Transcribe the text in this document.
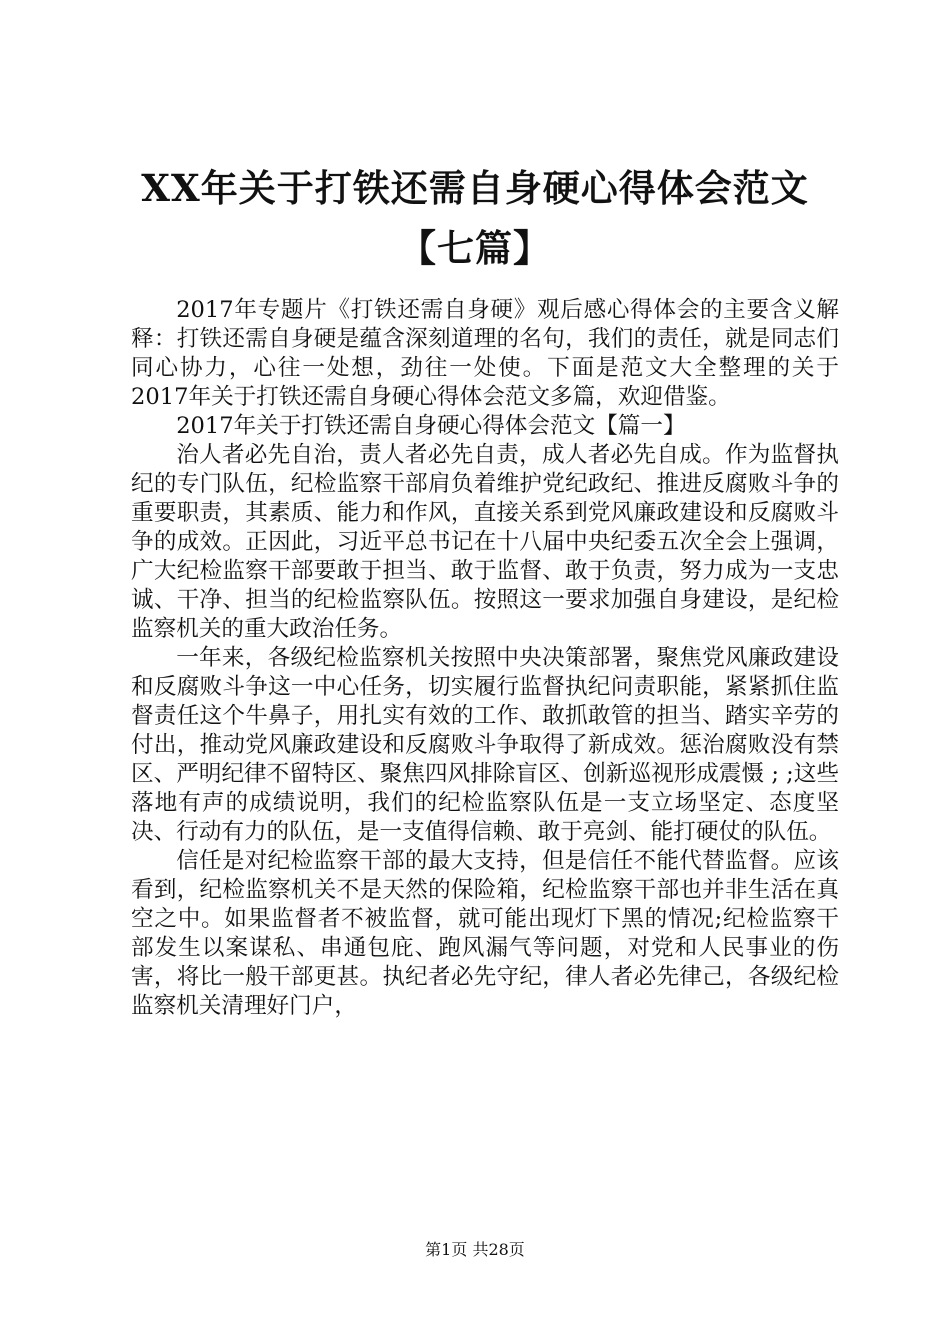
XX年关于打铁还需自身硬心得体会范文【七篇】

2017年专题片《打铁还需自身硬》观后感心得体会的主要含义解释：打铁还需自身硬是蕴含深刻道理的名句，我们的责任，就是同志们同心协力，心往一处想，劲往一处使。下面是范文大全整理的关于2017年关于打铁还需自身硬心得体会范文多篇，欢迎借鉴。

2017年关于打铁还需自身硬心得体会范文【篇一】

治人者必先自治，责人者必先自责，成人者必先自成。作为监督执纪的专门队伍，纪检监察干部肩负着维护党纪政纪、推进反腐败斗争的重要职责，其素质、能力和作风，直接关系到党风廉政建设和反腐败斗争的成效。正因此，习近平总书记在十八届中央纪委五次全会上强调，广大纪检监察干部要敢于担当、敢于监督、敢于负责，努力成为一支忠诚、干净、担当的纪检监察队伍。按照这一要求加强自身建设，是纪检监察机关的重大政治任务。

一年来，各级纪检监察机关按照中央决策部署，聚焦党风廉政建设和反腐败斗争这一中心任务，切实履行监督执纪问责职能，紧紧抓住监督责任这个牛鼻子，用扎实有效的工作、敢抓敢管的担当、踏实辛劳的付出，推动党风廉政建设和反腐败斗争取得了新成效。惩治腐败没有禁区、严明纪律不留特区、聚焦四风排除盲区、创新巡视形成震慑 ; ;这些落地有声的成绩说明，我们的纪检监察队伍是一支立场坚定、态度坚决、行动有力的队伍，是一支值得信赖、敢于亮剑、能打硬仗的队伍。

信任是对纪检监察干部的最大支持，但是信任不能代替监督。应该看到，纪检监察机关不是天然的保险箱，纪检监察干部也并非生活在真空之中。如果监督者不被监督，就可能出现灯下黑的情况;纪检监察干部发生以案谋私、串通包庇、跑风漏气等问题，对党和人民事业的伤害，将比一般干部更甚。执纪者必先守纪，律人者必先律己，各级纪检监察机关清理好门户，

第1页 共28页
